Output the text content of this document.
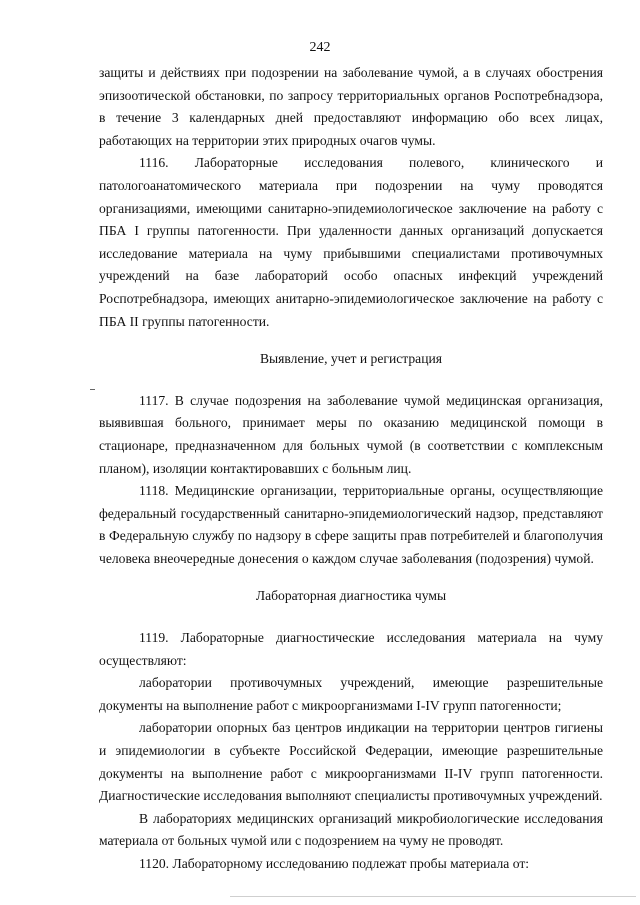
242

защиты и действиях при подозрении на заболевание чумой, а в случаях обострения эпизоотической обстановки, по запросу территориальных органов Роспотребнадзора, в течение 3 календарных дней предоставляют информацию обо всех лицах, работающих на территории этих природных очагов чумы.

1116. Лабораторные исследования полевого, клинического и патологоанатомического материала при подозрении на чуму проводятся организациями, имеющими санитарно-эпидемиологическое заключение на работу с ПБА I группы патогенности. При удаленности данных организаций допускается исследование материала на чуму прибывшими специалистами противочумных учреждений на базе лабораторий особо опасных инфекций учреждений Роспотребнадзора, имеющих анитарно-эпидемиологическое заключение на работу с ПБА II группы патогенности.

Выявление, учет и регистрация

1117. В случае подозрения на заболевание чумой медицинская организация, выявившая больного, принимает меры по оказанию медицинской помощи в стационаре, предназначенном для больных чумой (в соответствии с комплексным планом), изоляции контактировавших с больным лиц.

1118. Медицинские организации, территориальные органы, осуществляющие федеральный государственный санитарно-эпидемиологический надзор, представляют в Федеральную службу по надзору в сфере защиты прав потребителей и благополучия человека внеочередные донесения о каждом случае заболевания (подозрения) чумой.

Лабораторная диагностика чумы

1119. Лабораторные диагностические исследования материала на чуму осуществляют:

лаборатории противочумных учреждений, имеющие разрешительные документы на выполнение работ с микроорганизмами I-IV групп патогенности;

лаборатории опорных баз центров индикации на территории центров гигиены и эпидемиологии в субъекте Российской Федерации, имеющие разрешительные документы на выполнение работ с микроорганизмами II-IV групп патогенности. Диагностические исследования выполняют специалисты противочумных учреждений.

В лабораториях медицинских организаций микробиологические исследования материала от больных чумой или с подозрением на чуму не проводят.

1120. Лабораторному исследованию подлежат пробы материала от:
